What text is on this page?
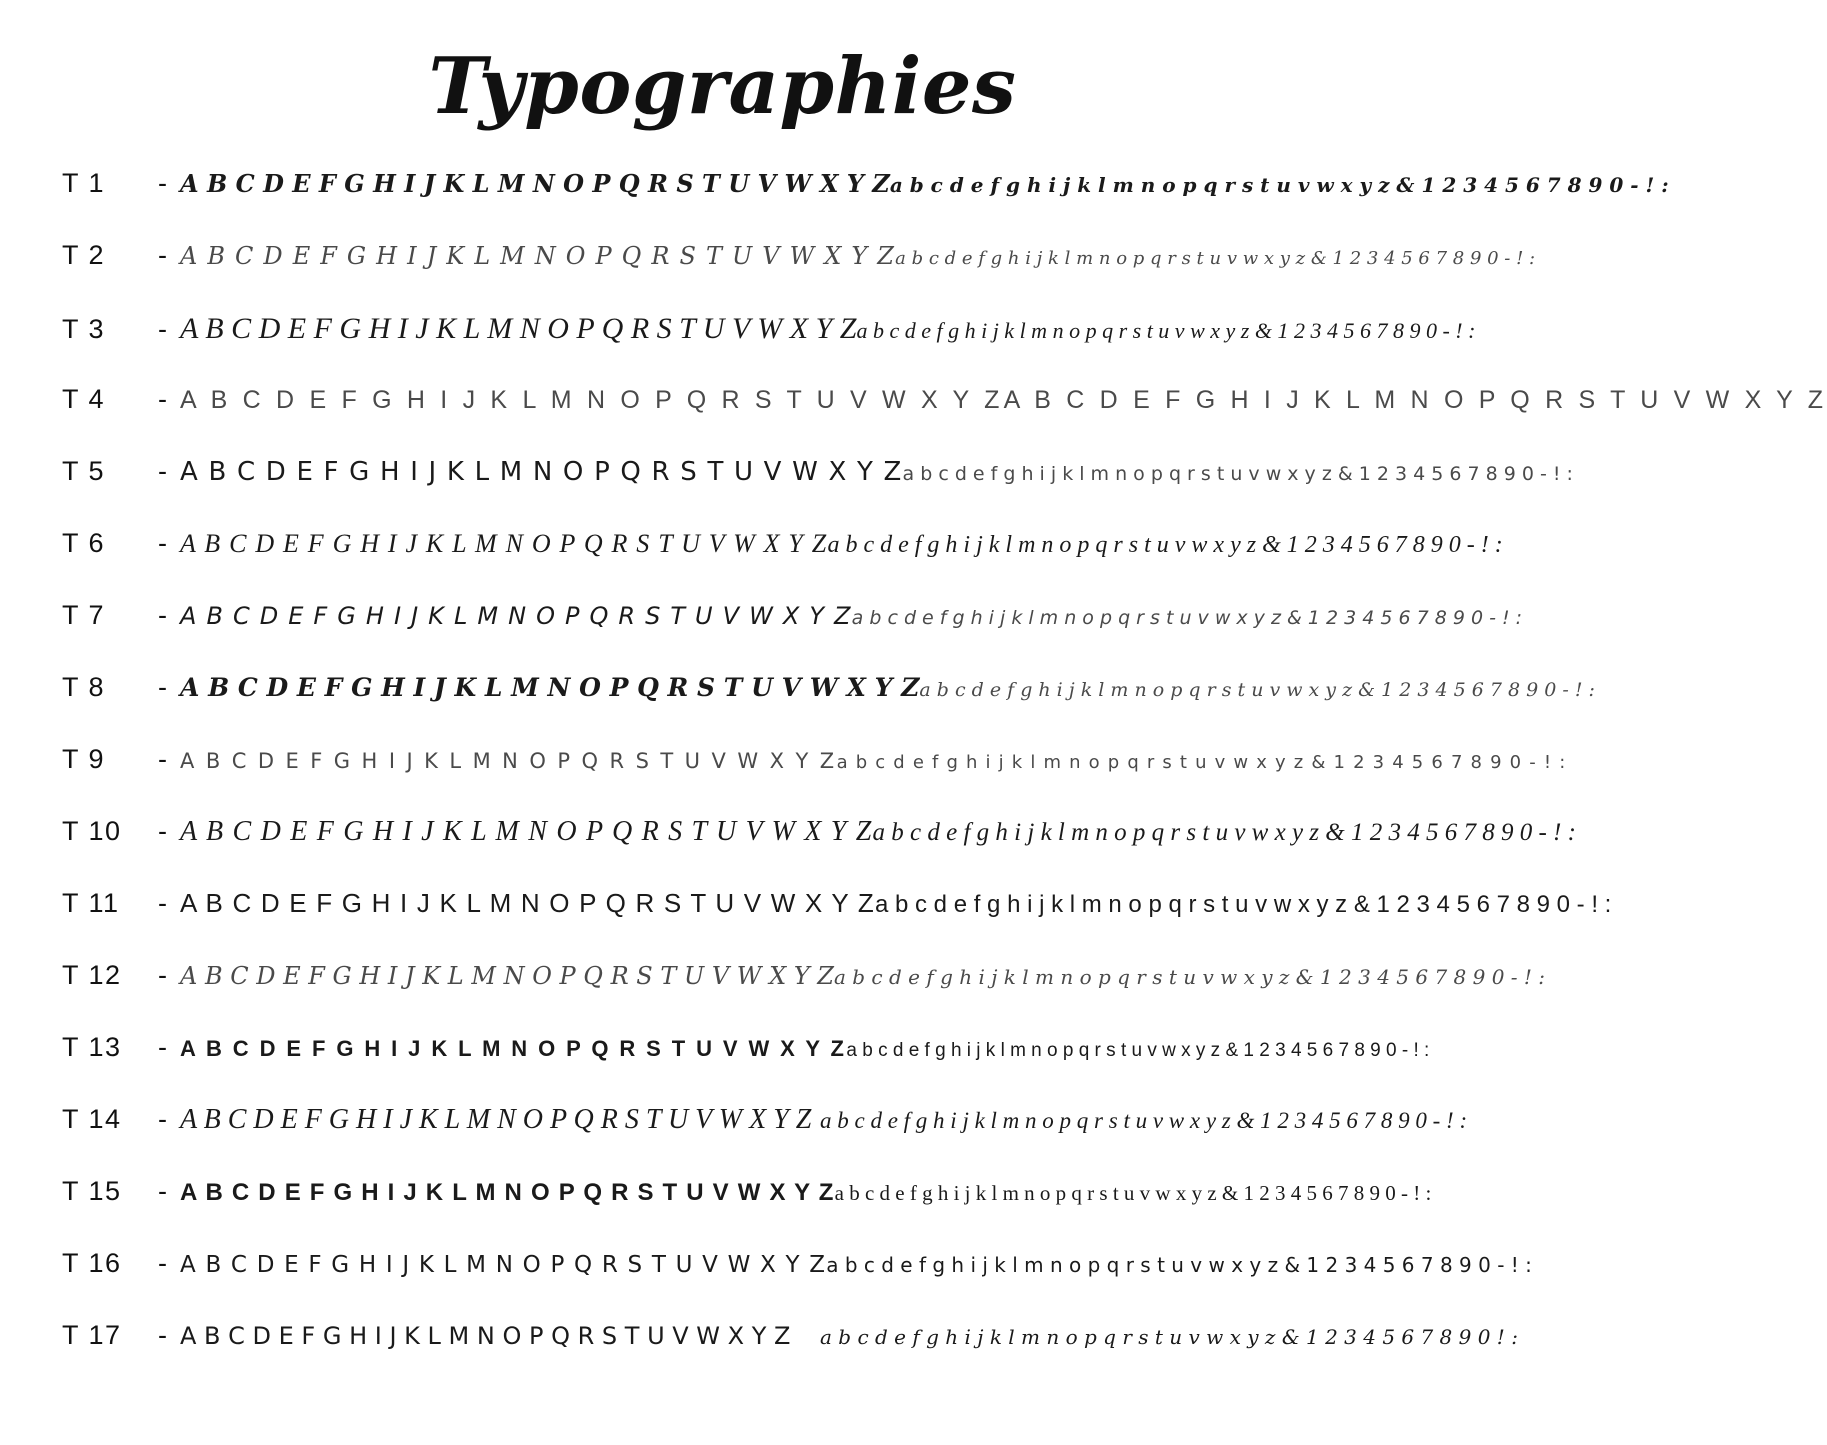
Typographies
T 1	- A B C D E F G H I J K L M N O P Q R S T U V W X Y Z a b c d e f g h i j k l m n o p q r s t u v w x y z & 1 2 3 4 5 6 7 8 9 0 - ! :
T 2	- A B C D E F G H I J K L M N O P Q R S T U V W X Y Z a b c d e f g h i j k l m n o p q r s t u v w x y z & 1 2 3 4 5 6 7 8 9 0 - ! :
T 3	- A B C D E F G H I J K L M N O P Q R S T U V W X Y Z a b c d e f g h i j k l m n o p q r s t u v w x y z & 1 2 3 4 5 6 7 8 9 0 - ! :
T 4	- A B C D E F G H I J K L M N O P Q R S T U V W X Y Z A B C D E F G H I J K L M N O P Q R S T U V W X Y Z
T 5	- A B C D E F G H I J K L M N O P Q R S T U V W X Y Z a b c d e f g h i j k l m n o p q r s t u v w x y z & 1 2 3 4 5 6 7 8 9 0 - ! :
T 6	- A B C D E F G H I J K L M N O P Q R S T U V W X Y Z a b c d e f g h i j k l m n o p q r s t u v w x y z & 1 2 3 4 5 6 7 8 9 0 - ! :
T 7	- A B C D E F G H I J K L M N O P Q R S T U V W X Y Z a b c d e f g h i j k l m n o p q r s t u v w x y z & 1 2 3 4 5 6 7 8 9 0 - ! :
T 8	- A B C D E F G H I J K L M N O P Q R S T U V W X Y Z a b c d e f g h i j k l m n o p q r s t u v w x y z & 1 2 3 4 5 6 7 8 9 0 - ! :
T 9	- A B C D E F G H I J K L M N O P Q R S T U V W X Y Z a b c d e f g h i j k l m n o p q r s t u v w x y z & 1 2 3 4 5 6 7 8 9 0 - ! :
T 10	- A B C D E F G H I J K L M N O P Q R S T U V W X Y Z a b c d e f g h i j k l m n o p q r s t u v w x y z & 1 2 3 4 5 6 7 8 9 0 - ! :
T 11	- A B C D E F G H I J K L M N O P Q R S T U V W X Y Z a b c d e f g h i j k l m n o p q r s t u v w x y z & 1 2 3 4 5 6 7 8 9 0 - ! :
T 12	- A B C D E F G H I J K L M N O P Q R S T U V W X Y Z a b c d e f g h i j k l m n o p q r s t u v w x y z & 1 2 3 4 5 6 7 8 9 0 - ! :
T 13	- A B C D E F G H I J K L M N O P Q R S T U V W X Y Z a b c d e f g h i j k l m n o p q r s t u v w x y z & 1 2 3 4 5 6 7 8 9 0 - ! :
T 14	- A B C D E F G H I J K L M N O P Q R S T U V W X Y Z a b c d e f g h i j k l m n o p q r s t u v w x y z & 1 2 3 4 5 6 7 8 9 0 - ! :
T 15	- A B C D E F G H I J K L M N O P Q R S T U V W X Y Z a b c d e f g h i j k l m n o p q r s t u v w x y z & 1 2 3 4 5 6 7 8 9 0 - ! :
T 16	- A B C D E F G H I J K L M N O P Q R S T U V W X Y Z a b c d e f g h i j k l m n o p q r s t u v w x y z & 1 2 3 4 5 6 7 8 9 0 - ! :
T 17	- A B C D E F G H I J K L M N O P Q R S T U V W X Y Z	a b c d e f g h i j k l m n o p q r s t u v w x y z & 1 2 3 4 5 6 7 8 9 0 ! :
